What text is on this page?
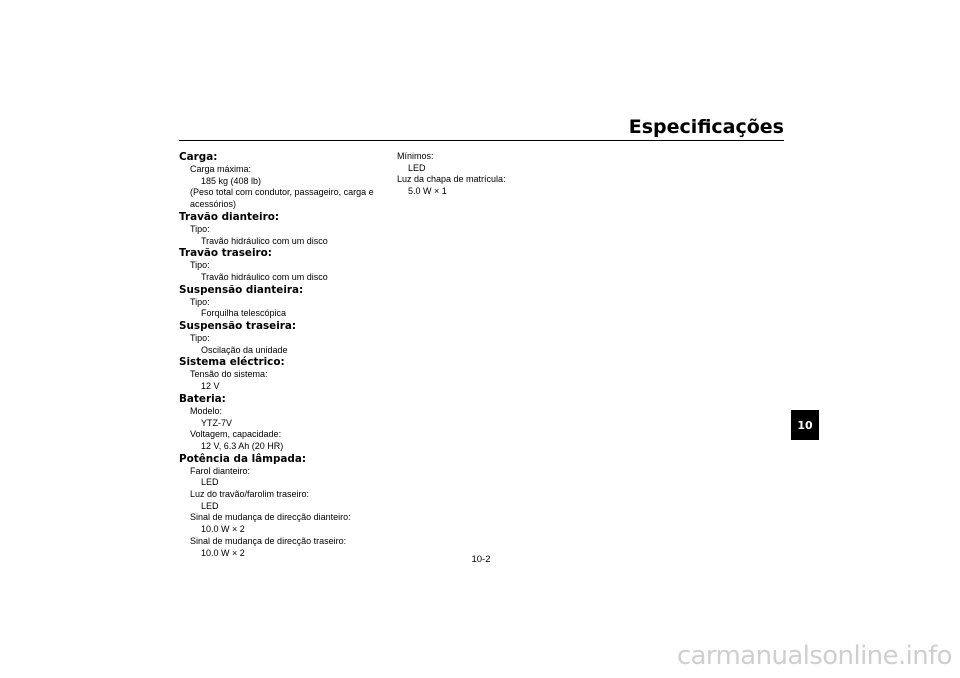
Especificações
Carga:
Carga máxima:
185 kg (408 lb)
(Peso total com condutor, passageiro, carga e acessórios)
Travão dianteiro:
Tipo:
Travão hidráulico com um disco
Travão traseiro:
Tipo:
Travão hidráulico com um disco
Suspensão dianteira:
Tipo:
Forquilha telescópica
Suspensão traseira:
Tipo:
Oscilação da unidade
Sistema eléctrico:
Tensão do sistema:
12 V
Bateria:
Modelo:
YTZ-7V
Voltagem, capacidade:
12 V, 6.3 Ah (20 HR)
Potência da lâmpada:
Farol dianteiro:
LED
Luz do travão/farolim traseiro:
LED
Sinal de mudança de direcção dianteiro:
10.0 W × 2
Sinal de mudança de direcção traseiro:
10.0 W × 2
Mínimos:
LED
Luz da chapa de matrícula:
5.0 W × 1
10
10-2
carmanualsonline.info
